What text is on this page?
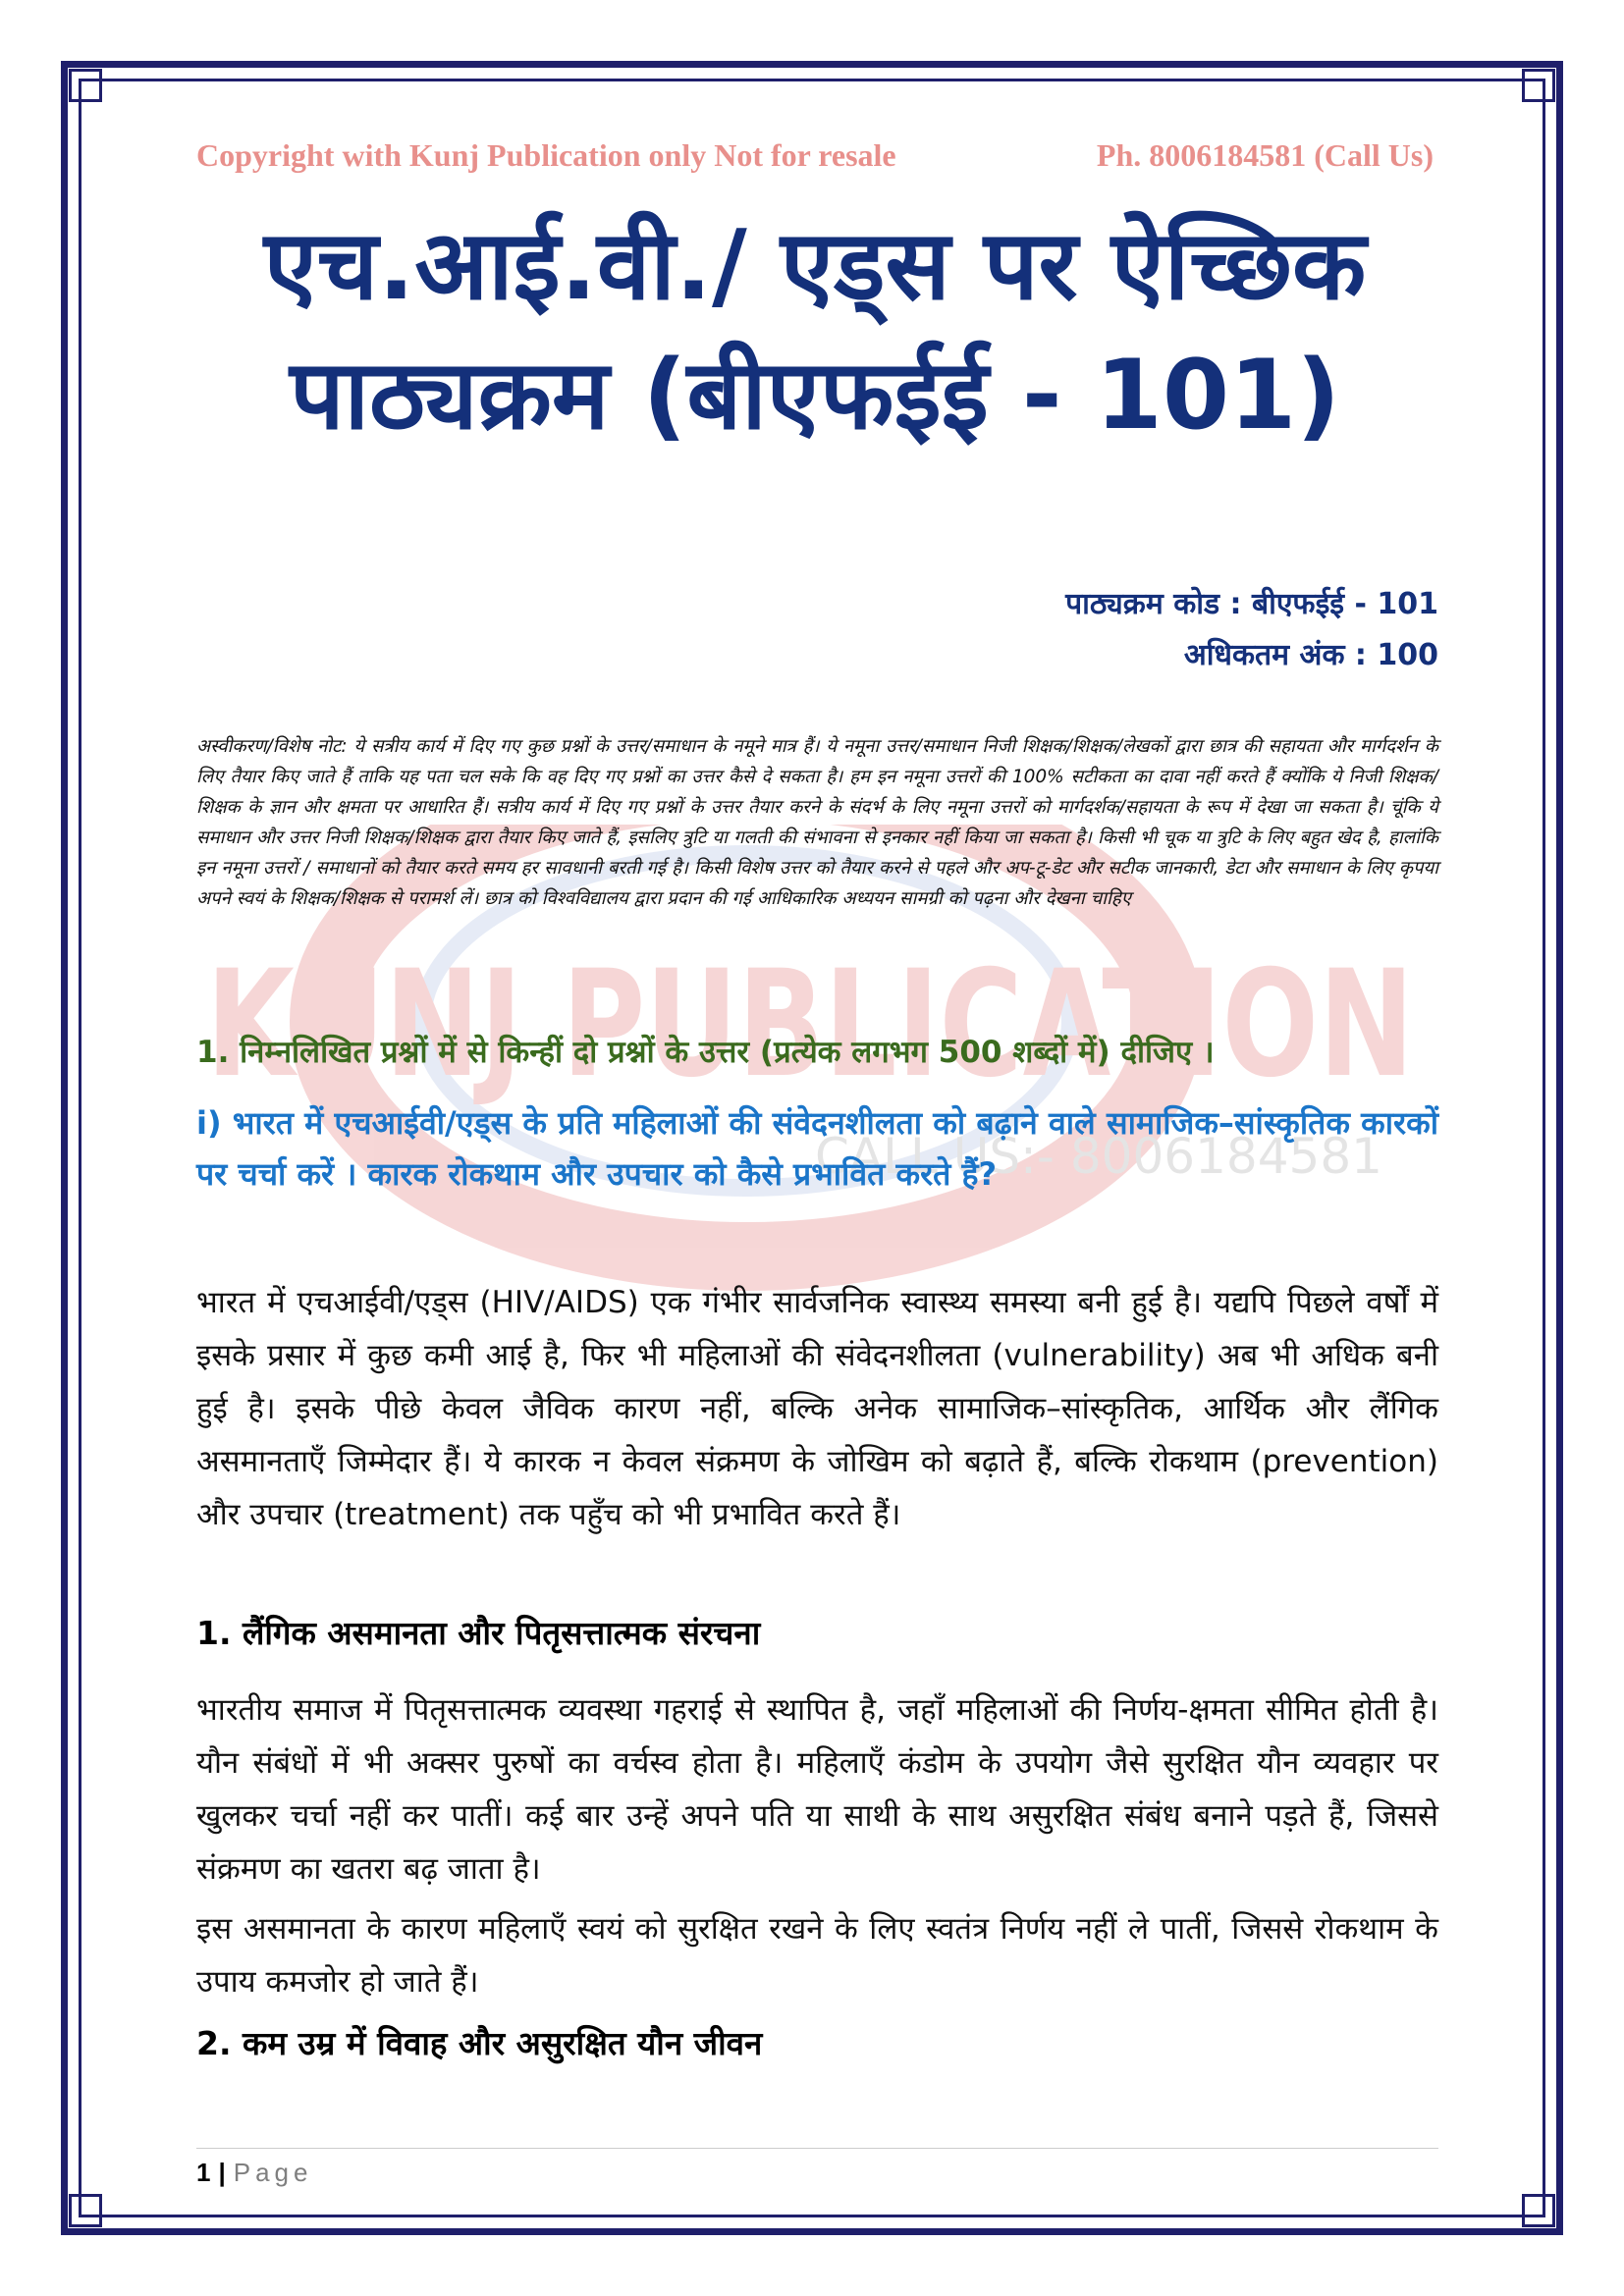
KUNJ PUBLICATION
CALL US:- 8006184581
Copyright with Kunj Publication only Not for resale	Ph. 8006184581 (Call Us)
एच.आई.वी./ एड्स पर ऐच्छिक
पाठ्यक्रम (बीएफईई - 101)
पाठ्यक्रम कोड : बीएफईई - 101
अधिकतम अंक : 100
अस्वीकरण/विशेष नोट: ये सत्रीय कार्य में दिए गए कुछ प्रश्नों के उत्तर/समाधान के नमूने मात्र हैं। ये नमूना उत्तर/समाधान निजी शिक्षक/शिक्षक/लेखकों द्वारा छात्र की सहायता और मार्गदर्शन के लिए तैयार किए जाते हैं ताकि यह पता चल सके कि वह दिए गए प्रश्नों का उत्तर कैसे दे सकता है। हम इन नमूना उत्तरों की 100% सटीकता का दावा नहीं करते हैं क्योंकि ये निजी शिक्षक/शिक्षक के ज्ञान और क्षमता पर आधारित हैं। सत्रीय कार्य में दिए गए प्रश्नों के उत्तर तैयार करने के संदर्भ के लिए नमूना उत्तरों को मार्गदर्शक/सहायता के रूप में देखा जा सकता है। चूंकि ये समाधान और उत्तर निजी शिक्षक/शिक्षक द्वारा तैयार किए जाते हैं, इसलिए त्रुटि या गलती की संभावना से इनकार नहीं किया जा सकता है। किसी भी चूक या त्रुटि के लिए बहुत खेद है, हालांकि इन नमूना उत्तरों / समाधानों को तैयार करते समय हर सावधानी बरती गई है। किसी विशेष उत्तर को तैयार करने से पहले और अप-टू-डेट और सटीक जानकारी, डेटा और समाधान के लिए कृपया अपने स्वयं के शिक्षक/शिक्षक से परामर्श लें। छात्र को विश्वविद्यालय द्वारा प्रदान की गई आधिकारिक अध्ययन सामग्री को पढ़ना और देखना चाहिए
1. निम्नलिखित प्रश्नों में से किन्हीं दो प्रश्नों के उत्तर (प्रत्येक लगभग 500 शब्दों में) दीजिए ।
i) भारत में एचआईवी/एड्स के प्रति महिलाओं की संवेदनशीलता को बढ़ाने वाले सामाजिक–सांस्कृतिक कारकों पर चर्चा करें । कारक रोकथाम और उपचार को कैसे प्रभावित करते हैं?
भारत में एचआईवी/एड्स (HIV/AIDS) एक गंभीर सार्वजनिक स्वास्थ्य समस्या बनी हुई है। यद्यपि पिछले वर्षों में इसके प्रसार में कुछ कमी आई है, फिर भी महिलाओं की संवेदनशीलता (vulnerability) अब भी अधिक बनी हुई है। इसके पीछे केवल जैविक कारण नहीं, बल्कि अनेक सामाजिक–सांस्कृतिक, आर्थिक और लैंगिक असमानताएँ जिम्मेदार हैं। ये कारक न केवल संक्रमण के जोखिम को बढ़ाते हैं, बल्कि रोकथाम (prevention) और उपचार (treatment) तक पहुँच को भी प्रभावित करते हैं।
1. लैंगिक असमानता और पितृसत्तात्मक संरचना
भारतीय समाज में पितृसत्तात्मक व्यवस्था गहराई से स्थापित है, जहाँ महिलाओं की निर्णय-क्षमता सीमित होती है। यौन संबंधों में भी अक्सर पुरुषों का वर्चस्व होता है। महिलाएँ कंडोम के उपयोग जैसे सुरक्षित यौन व्यवहार पर खुलकर चर्चा नहीं कर पातीं। कई बार उन्हें अपने पति या साथी के साथ असुरक्षित संबंध बनाने पड़ते हैं, जिससे संक्रमण का खतरा बढ़ जाता है।
इस असमानता के कारण महिलाएँ स्वयं को सुरक्षित रखने के लिए स्वतंत्र निर्णय नहीं ले पातीं, जिससे रोकथाम के उपाय कमजोर हो जाते हैं।
2. कम उम्र में विवाह और असुरक्षित यौन जीवन
1 | Page
